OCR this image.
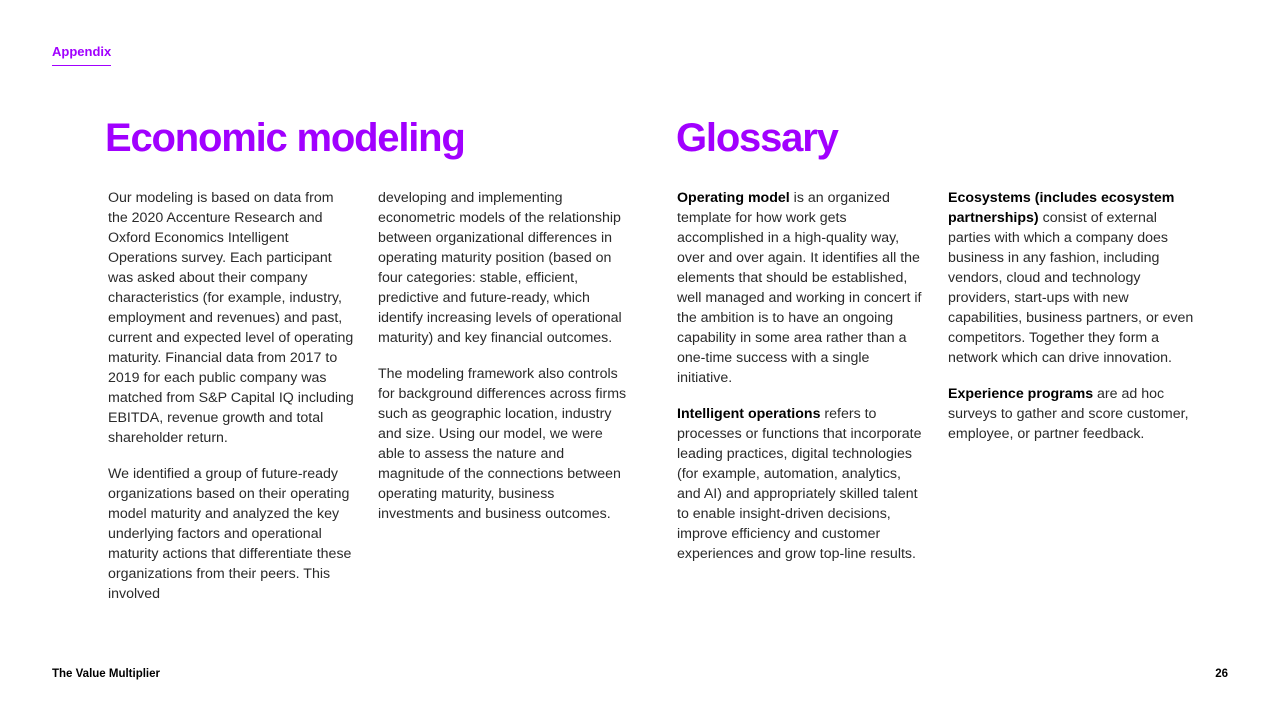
Appendix
Economic modeling	Glossary

Our modeling is based on data from the 2020 Accenture Research and Oxford Economics Intelligent Operations survey. Each participant was asked about their company characteristics (for example, industry, employment and revenues) and past, current and expected level of operating maturity. Financial data from 2017 to 2019 for each public company was matched from S&P Capital IQ including EBITDA, revenue growth and total shareholder return.

We identified a group of future-ready organizations based on their operating model maturity and analyzed the key underlying factors and operational maturity actions that differentiate these organizations from their peers. This involved

developing and implementing econometric models of the relationship between organizational differences in operating maturity position (based on four categories: stable, efficient, predictive and future-ready, which identify increasing levels of operational maturity) and key financial outcomes.

The modeling framework also controls for background differences across firms such as geographic location, industry and size. Using our model, we were able to assess the nature and magnitude of the connections between operating maturity, business investments and business outcomes.

Operating model is an organized template for how work gets accomplished in a high-quality way, over and over again. It identifies all the elements that should be established, well managed and working in concert if the ambition is to have an ongoing capability in some area rather than a one-time success with a single initiative.

Intelligent operations refers to processes or functions that incorporate leading practices, digital technologies (for example, automation, analytics, and AI) and appropriately skilled talent to enable insight-driven decisions, improve efficiency and customer experiences and grow top-line results.

Ecosystems (includes ecosystem partnerships) consist of external parties with which a company does business in any fashion, including vendors, cloud and technology providers, start-ups with new capabilities, business partners, or even competitors. Together they form a network which can drive innovation.

Experience programs are ad hoc surveys to gather and score customer, employee, or partner feedback.

The Value Multiplier	26
